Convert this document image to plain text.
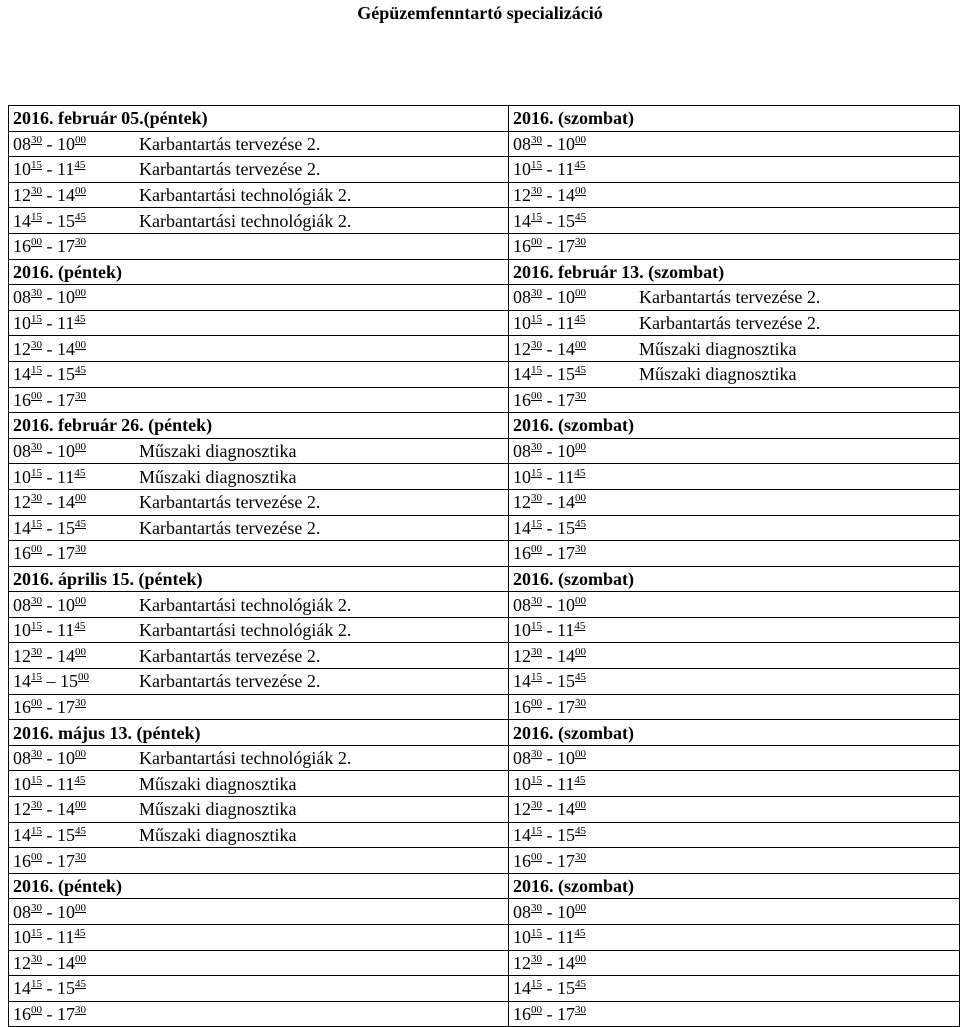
Gépüzemfenntartó specializáció
2016. február 05.(péntek)	2016. (szombat)
$08^{30} - 10^{00}$ Karbantartás tervezése 2.	$08^{30} - 10^{00}$
$10^{15} - 11^{45}$ Karbantartás tervezése 2.	$10^{15} - 11^{45}$
$12^{30} - 14^{00}$ Karbantartási technológiák 2.	$12^{30} - 14^{00}$
$14^{15} - 15^{45}$ Karbantartási technológiák 2.	$14^{15} - 15^{45}$
$16^{00} - 17^{30}$	$16^{00} - 17^{30}$
2016. (péntek)	2016. február 13. (szombat)
$08^{30} - 10^{00}$	$08^{30} - 10^{00}$ Karbantartás tervezése 2.
$10^{15} - 11^{45}$	$10^{15} - 11^{45}$ Karbantartás tervezése 2.
$12^{30} - 14^{00}$	$12^{30} - 14^{00}$ Műszaki diagnosztika
$14^{15} - 15^{45}$	$14^{15} - 15^{45}$ Műszaki diagnosztika
$16^{00} - 17^{30}$	$16^{00} - 17^{30}$
2016. február 26. (péntek)	2016. (szombat)
$08^{30} - 10^{00}$ Műszaki diagnosztika	$08^{30} - 10^{00}$
$10^{15} - 11^{45}$ Műszaki diagnosztika	$10^{15} - 11^{45}$
$12^{30} - 14^{00}$ Karbantartás tervezése 2.	$12^{30} - 14^{00}$
$14^{15} - 15^{45}$ Karbantartás tervezése 2.	$14^{15} - 15^{45}$
$16^{00} - 17^{30}$	$16^{00} - 17^{30}$
2016. április 15. (péntek)	2016. (szombat)
$08^{30} - 10^{00}$ Karbantartási technológiák 2.	$08^{30} - 10^{00}$
$10^{15} - 11^{45}$ Karbantartási technológiák 2.	$10^{15} - 11^{45}$
$12^{30} - 14^{00}$ Karbantartás tervezése 2.	$12^{30} - 14^{00}$
$14^{15} - 15^{00}$ Karbantartás tervezése 2.	$14^{15} - 15^{45}$
$16^{00} - 17^{30}$	$16^{00} - 17^{30}$
2016. május 13. (péntek)	2016. (szombat)
$08^{30} - 10^{00}$ Karbantartási technológiák 2.	$08^{30} - 10^{00}$
$10^{15} - 11^{45}$ Műszaki diagnosztika	$10^{15} - 11^{45}$
$12^{30} - 14^{00}$ Műszaki diagnosztika	$12^{30} - 14^{00}$
$14^{15} - 15^{45}$ Műszaki diagnosztika	$14^{15} - 15^{45}$
$16^{00} - 17^{30}$	$16^{00} - 17^{30}$
2016. (péntek)	2016. (szombat)
$08^{30} - 10^{00}$	$08^{30} - 10^{00}$
$10^{15} - 11^{45}$	$10^{15} - 11^{45}$
$12^{30} - 14^{00}$	$12^{30} - 14^{00}$
$14^{15} - 15^{45}$	$14^{15} - 15^{45}$
$16^{00} - 17^{30}$	$16^{00} - 17^{30}$
